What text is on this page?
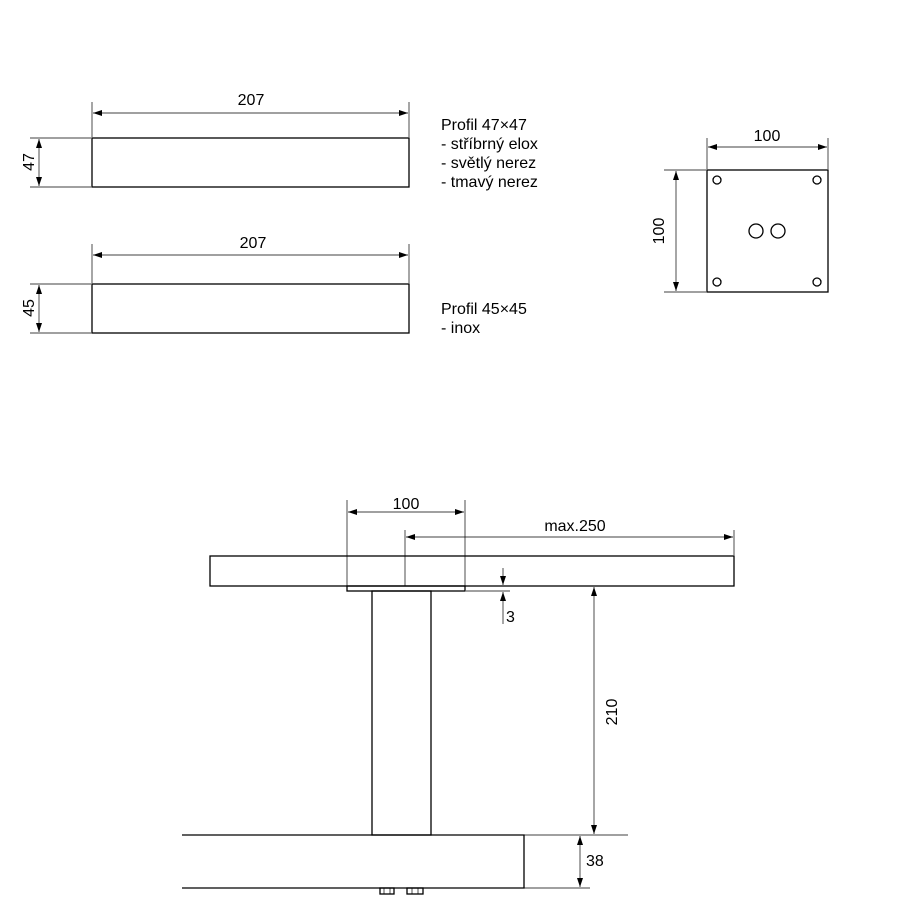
207
47
207
45
100
100
100
max.250
3
210
38
Profil 47×47
- stříbrný elox
- světlý nerez
- tmavý nerez
Profil 45×45
- inox
